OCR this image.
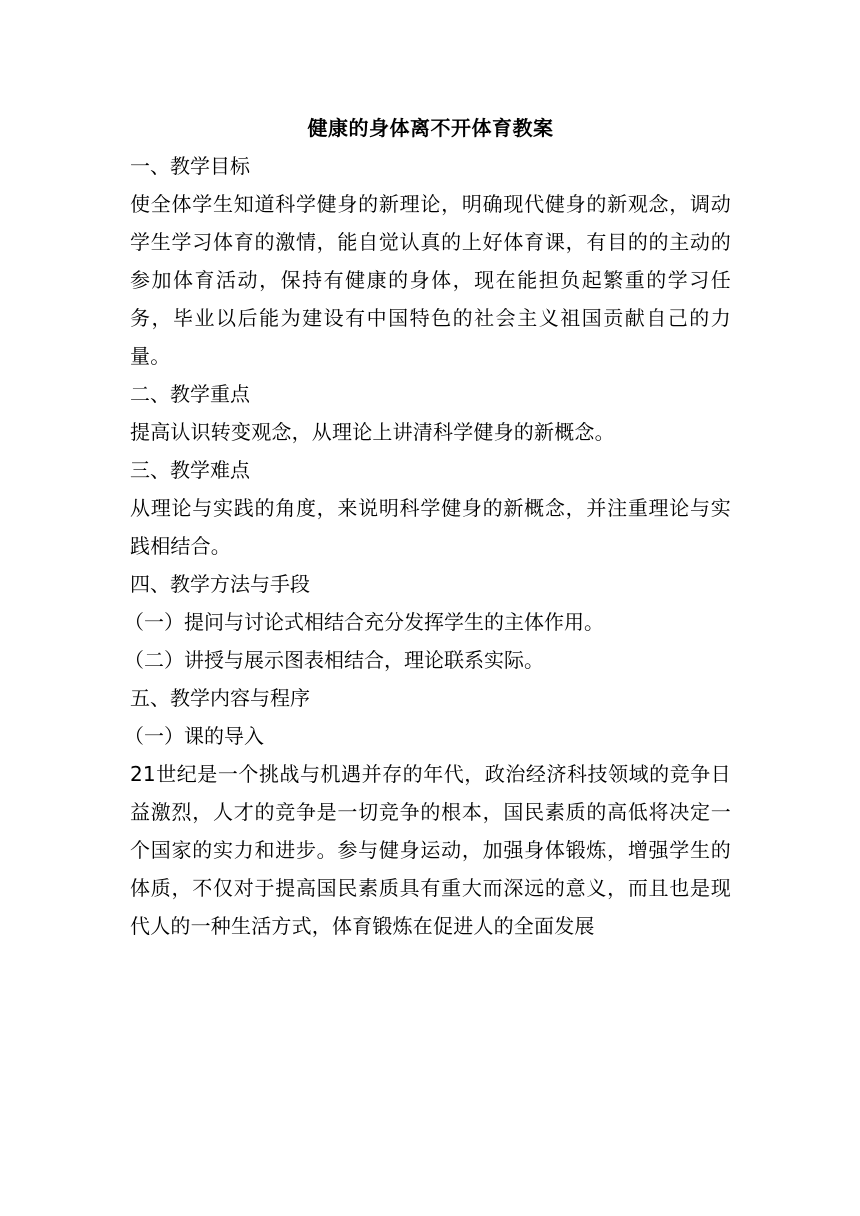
健康的身体离不开体育教案
一、教学目标
使全体学生知道科学健身的新理论，明确现代健身的新观念，调动学生学习体育的激情，能自觉认真的上好体育课，有目的的主动的参加体育活动，保持有健康的身体，现在能担负起繁重的学习任务，毕业以后能为建设有中国特色的社会主义祖国贡献自己的力量。
二、教学重点
提高认识转变观念，从理论上讲清科学健身的新概念。
三、教学难点
从理论与实践的角度，来说明科学健身的新概念，并注重理论与实践相结合。
四、教学方法与手段
（一）提问与讨论式相结合充分发挥学生的主体作用。
（二）讲授与展示图表相结合，理论联系实际。
五、教学内容与程序
（一）课的导入
21世纪是一个挑战与机遇并存的年代，政治经济科技领域的竞争日益激烈，人才的竞争是一切竞争的根本，国民素质的高低将决定一个国家的实力和进步。参与健身运动，加强身体锻炼，增强学生的体质，不仅对于提高国民素质具有重大而深远的意义，而且也是现代人的一种生活方式，体育锻炼在促进人的全面发展
